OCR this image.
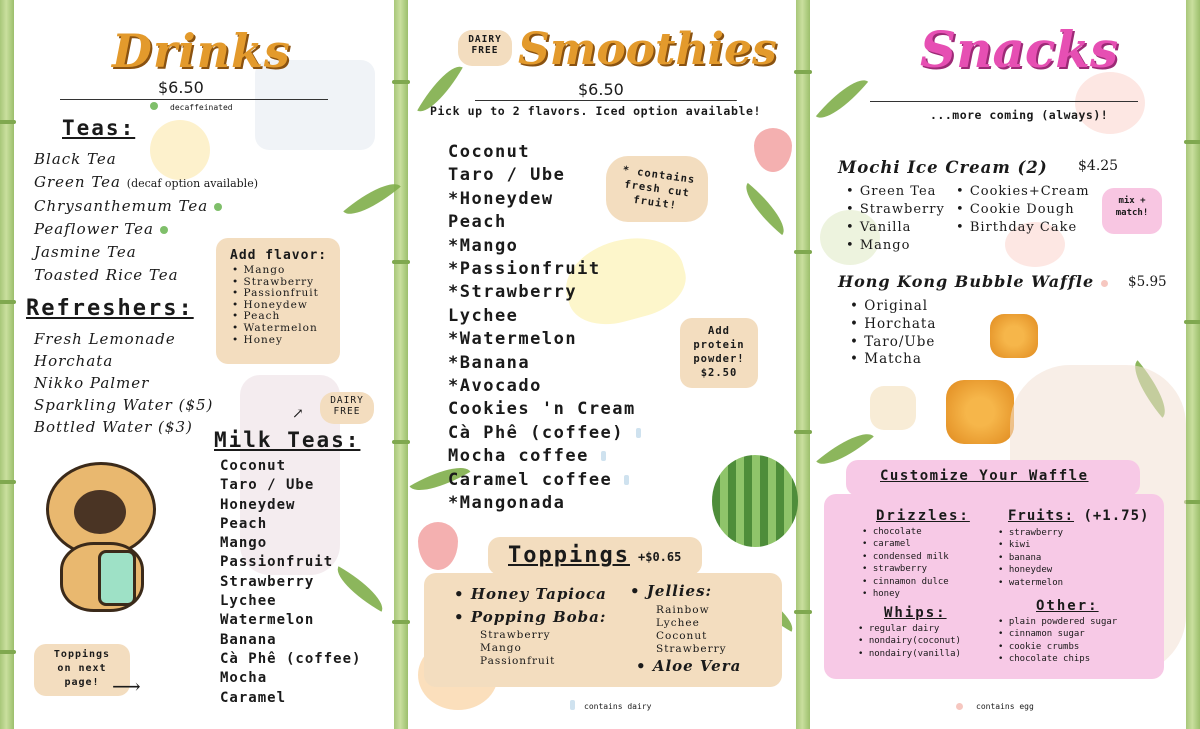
Drinks
$6.50
decaffeinated
Teas:
Black Tea
Green Tea (decaf option available)
Chrysanthemum Tea
Peaflower Tea
Jasmine Tea
Toasted Rice Tea
Add flavor:
• Mango
• Strawberry
• Passionfruit
• Honeydew
• Peach
• Watermelon
• Honey
Refreshers:
Fresh Lemonade
Horchata
Nikko Palmer
Sparkling Water ($5)
Bottled Water ($3)
DAIRY FREE
↗
Milk Teas:
Coconut
Taro / Ube
Honeydew
Peach
Mango
Passionfruit
Strawberry
Lychee
Watermelon
Banana
Cà Phê (coffee)
Mocha
Caramel
Toppings on next page! ⟶
DAIRY FREE Smoothies
$6.50
Pick up to 2 flavors. Iced option available!
Coconut
Taro / Ube
*Honeydew
Peach
*Mango
*Passionfruit
*Strawberry
Lychee
*Watermelon
*Banana
*Avocado
Cookies 'n Cream
Cà Phê (coffee)
Mocha coffee
Caramel coffee
*Mangonada
* contains fresh cut fruit!
Add protein powder! $2.50
Toppings +$0.65
• Honey Tapioca
• Popping Boba:
Strawberry
Mango
Passionfruit
• Jellies:
Rainbow
Lychee
Coconut
Strawberry
• Aloe Vera
contains dairy
Snacks
...more coming (always)!
Mochi Ice Cream (2) $4.25
• Green Tea
• Strawberry
• Vanilla
• Mango
• Cookies+Cream
• Cookie Dough
• Birthday Cake
mix + match!
Hong Kong Bubble Waffle	$5.95
• Original
• Horchata
• Taro/Ube
• Matcha
Customize Your Waffle
Drizzles:
• chocolate
• caramel
• condensed milk
• strawberry
• cinnamon dulce
• honey
Whips:
• regular dairy
• nondairy(coconut)
• nondairy(vanilla)
Fruits: (+1.75)
• strawberry
• kiwi
• banana
• honeydew
• watermelon
Other:
• plain powdered sugar
• cinnamon sugar
• cookie crumbs
• chocolate chips
contains egg
